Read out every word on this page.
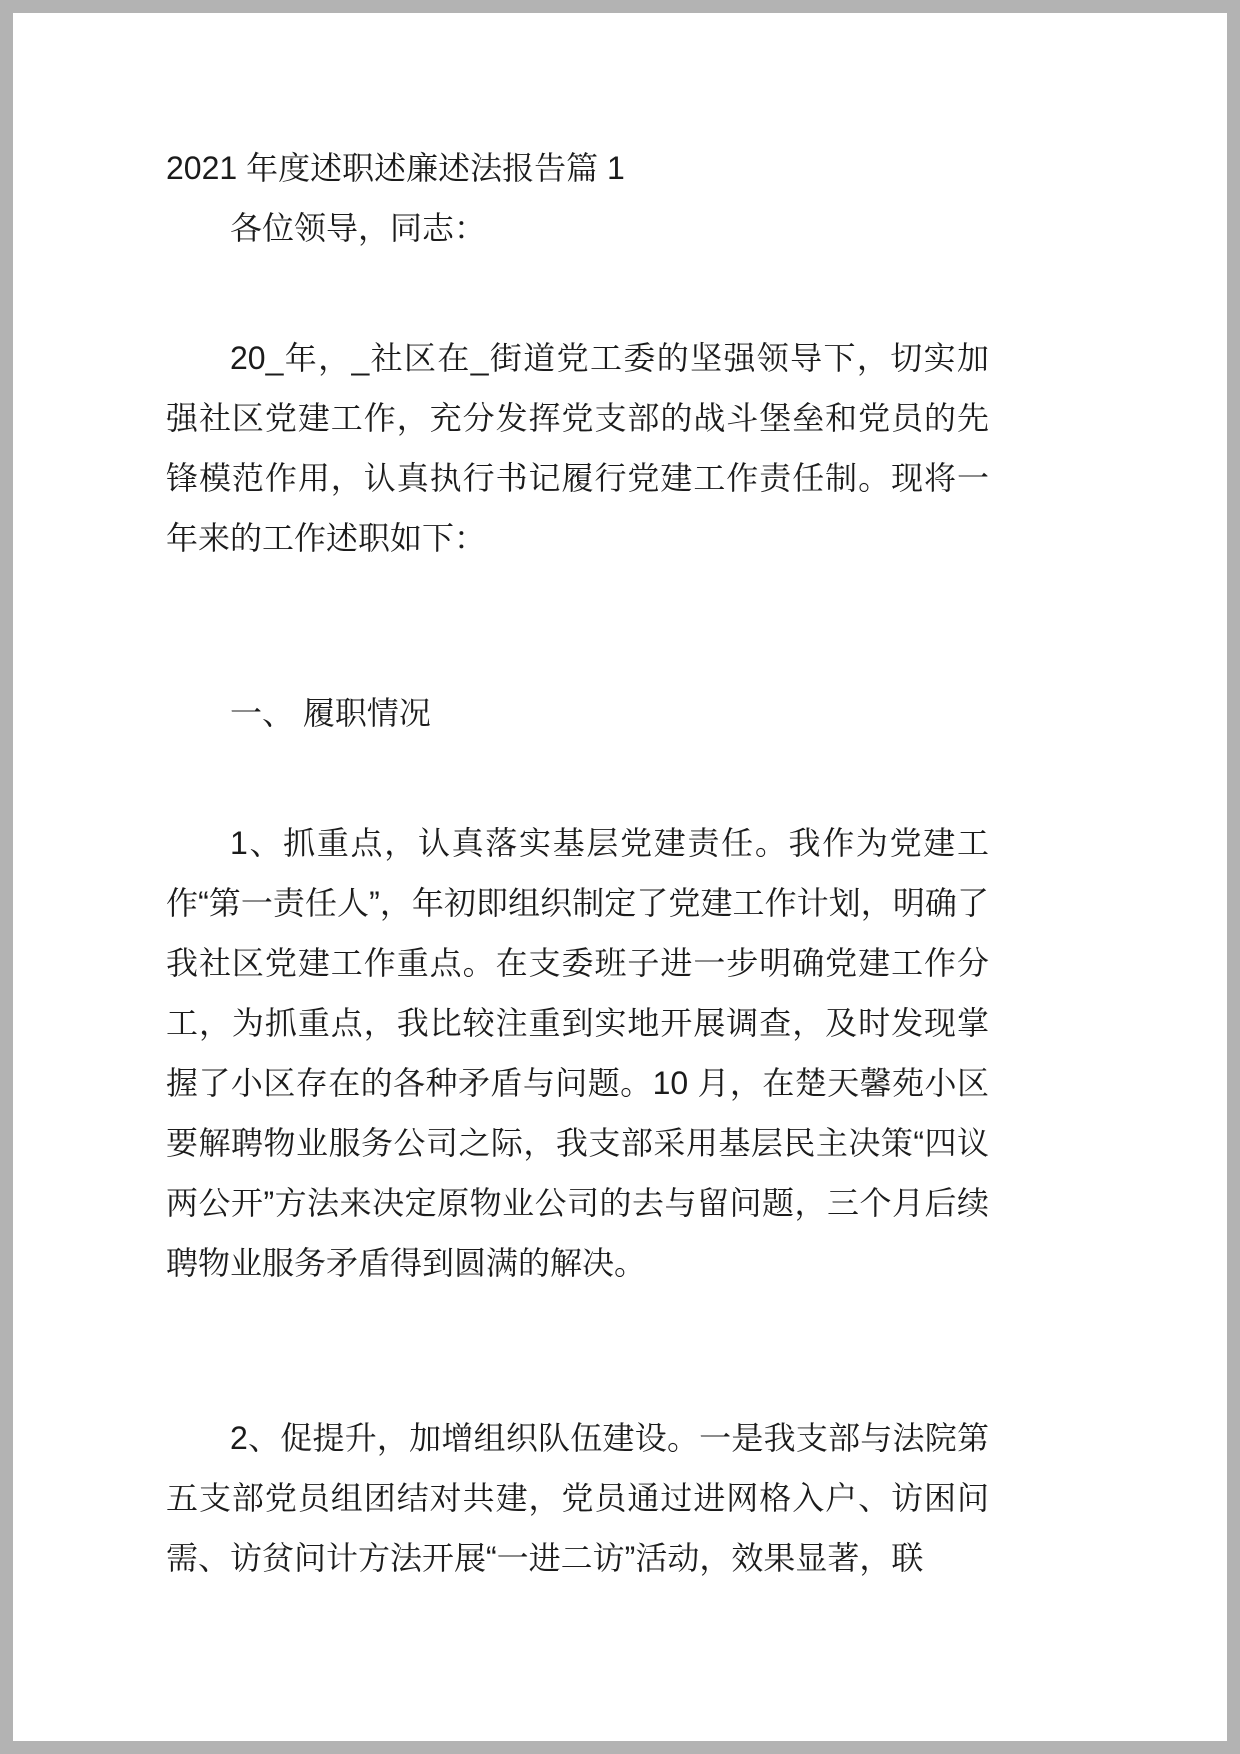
2021 年度述职述廉述法报告篇 1

各位领导，同志：

20_年，_社区在_街道党工委的坚强领导下，切实加强社区党建工作，充分发挥党支部的战斗堡垒和党员的先锋模范作用，认真执行书记履行党建工作责任制。现将一年来的工作述职如下：

一、 履职情况

1、抓重点，认真落实基层党建责任。我作为党建工作“第一责任人”，年初即组织制定了党建工作计划，明确了我社区党建工作重点。在支委班子进一步明确党建工作分工，为抓重点，我比较注重到实地开展调查，及时发现掌握了小区存在的各种矛盾与问题。10 月，在楚天馨苑小区要解聘物业服务公司之际，我支部采用基层民主决策“四议两公开”方法来决定原物业公司的去与留问题，三个月后续聘物业服务矛盾得到圆满的解决。

2、促提升，加增组织队伍建设。一是我支部与法院第五支部党员组团结对共建，党员通过进网格入户、访困问需、访贫问计方法开展“一进二访”活动，效果显著，联
